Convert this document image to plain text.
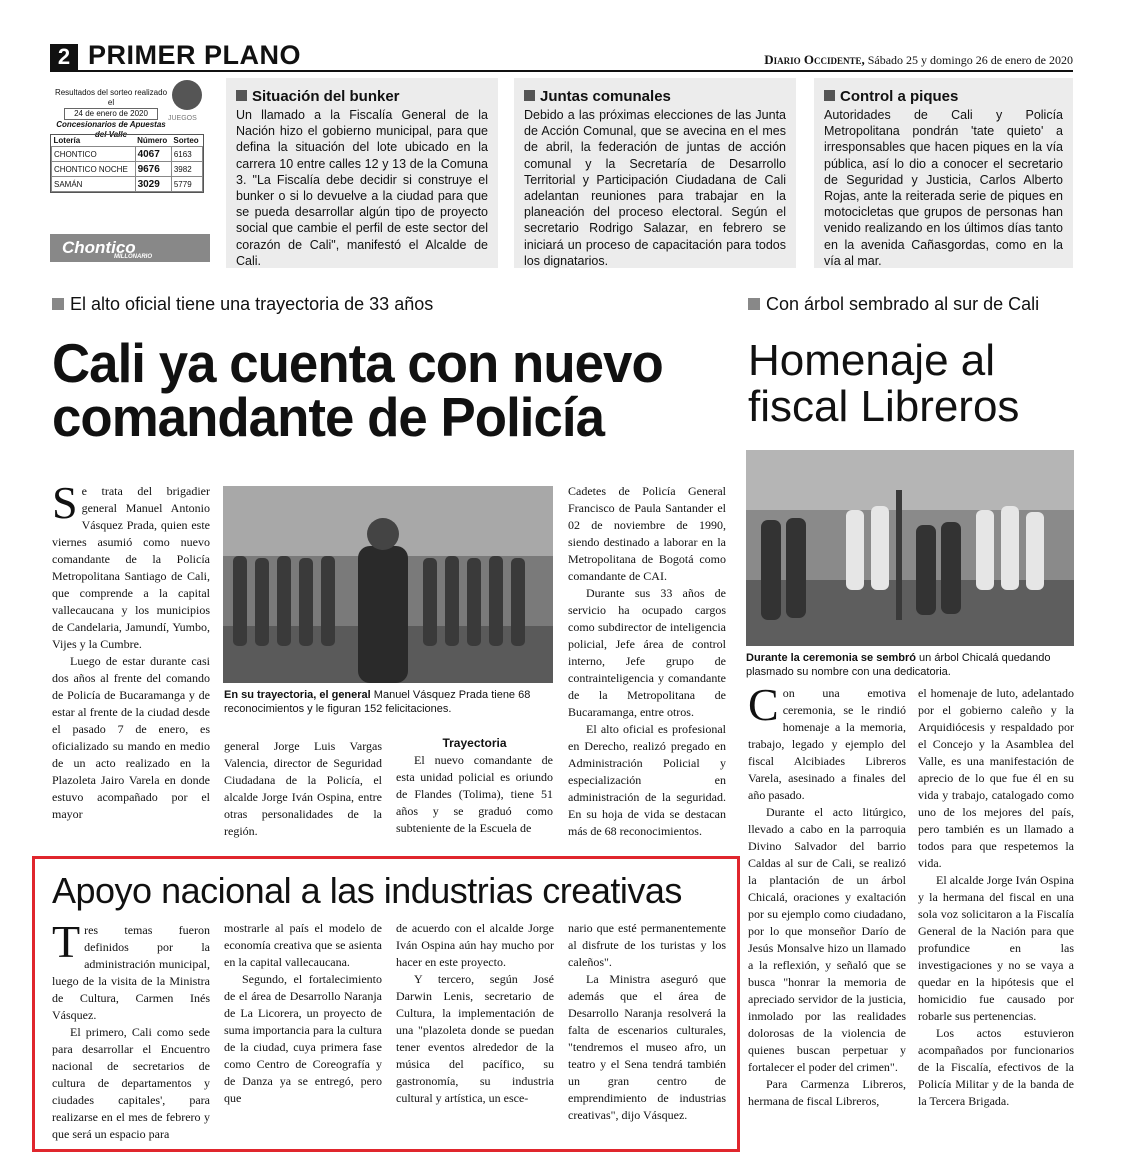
2 PRIMER PLANO	Diario Occidente, Sábado 25 y domingo 26 de enero de 2020
Resultados del sorteo realizado el
24 de enero de 2020
Concesionarios de Apuestas del Valle
JUEGOS
Lotería	Número	Sorteo
CHONTICO	4067	6163
CHONTICO NOCHE	9676	3982
SAMÁN	3029	5779
Chontico
MILLONARIO
Situación del bunker

Un llamado a la Fiscalía General de la Nación hizo el gobierno municipal, para que defina la situación del lote ubicado en la carrera 10 entre calles 12 y 13 de la Comuna 3. "La Fiscalía debe decidir si construye el bunker o si lo devuelve a la ciudad para que se pueda desarrollar algún tipo de proyecto social que cambie el perfil de este sector del corazón de Cali", manifestó el Alcalde de Cali.

Juntas comunales

Debido a las próximas elecciones de las Junta de Acción Comunal, que se avecina en el mes de abril, la federación de juntas de acción comunal y la Secretaría de Desarrollo Territorial y Participación Ciudadana de Cali adelantan reuniones para trabajar en la planeación del proceso electoral. Según el secretario Rodrigo Salazar, en febrero se iniciará un proceso de capacitación para todos los dignatarios.

Control a piques

Autoridades de Cali y Policía Metropolitana pondrán 'tate quieto' a irresponsables que hacen piques en la vía pública, así lo dio a conocer el secretario de Seguridad y Justicia, Carlos Alberto Rojas, ante la reiterada serie de piques en motocicletas que grupos de personas han venido realizando en los últimos días tanto en la avenida Cañasgordas, como en la vía al mar.

El alto oficial tiene una trayectoria de 33 años
Cali ya cuenta con nuevo comandante de Policía

Se trata del brigadier general Manuel Antonio Vásquez Prada, quien este viernes asumió como nuevo comandante de la Policía Metropolitana Santiago de Cali, que comprende a la capital vallecaucana y los municipios de Candelaria, Jamundí, Yumbo, Vijes y la Cumbre.

Luego de estar durante casi dos años al frente del comando de Policía de Bucaramanga y de estar al frente de la ciudad desde el pasado 7 de enero, es oficializado su mando en medio de un acto realizado en la Plazoleta Jairo Varela en donde estuvo acompañado por el mayor

En su trayectoria, el general Manuel Vásquez Prada tiene 68 reconocimientos y le figuran 152 felicitaciones.

general Jorge Luis Vargas Valencia, director de Seguridad Ciudadana de la Policía, el alcalde Jorge Iván Ospina, entre otras personalidades de la región.

Trayectoria

El nuevo comandante de esta unidad policial es oriundo de Flandes (Tolima), tiene 51 años y se graduó como subteniente de la Escuela de

Cadetes de Policía General Francisco de Paula Santander el 02 de noviembre de 1990, siendo destinado a laborar en la Metropolitana de Bogotá como comandante de CAI.

Durante sus 33 años de servicio ha ocupado cargos como subdirector de inteligencia policial, Jefe área de control interno, Jefe grupo de contrainteligencia y comandante de la Metropolitana de Bucaramanga, entre otros.

El alto oficial es profesional en Derecho, realizó pregado en Administración Policial y especialización en administración de la seguridad. En su hoja de vida se destacan más de 68 reconocimientos.

Con árbol sembrado al sur de Cali
Homenaje al fiscal Libreros
Durante la ceremonia se sembró un árbol Chicalá quedando plasmado su nombre con una dedicatoria.

Con una emotiva ceremonia, se le rindió homenaje a la memoria, trabajo, legado y ejemplo del fiscal Alcibiades Libreros Varela, asesinado a finales del año pasado.

Durante el acto litúrgico, llevado a cabo en la parroquia Divino Salvador del barrio Caldas al sur de Cali, se realizó la plantación de un árbol Chicalá, oraciones y exaltación por su ejemplo como ciudadano, por lo que monseñor Darío de Jesús Monsalve hizo un llamado a la reflexión, y señaló que se busca "honrar la memoria de apreciado servidor de la justicia, inmolado por las realidades dolorosas de la violencia de quienes buscan perpetuar y fortalecer el poder del crimen".

Para Carmenza Libreros, hermana de fiscal Libreros,

el homenaje de luto, adelantado por el gobierno caleño y la Arquidiócesis y respaldado por el Concejo y la Asamblea del Valle, es una manifestación de aprecio de lo que fue él en su vida y trabajo, catalogado como uno de los mejores del país, pero también es un llamado a todos para que respetemos la vida.

El alcalde Jorge Iván Ospina y la hermana del fiscal en una sola voz solicitaron a la Fiscalía General de la Nación para que profundice en las investigaciones y no se vaya a quedar en la hipótesis que el homicidio fue causado por robarle sus pertenencias.

Los actos estuvieron acompañados por funcionarios de la Fiscalía, efectivos de la Policía Militar y de la banda de la Tercera Brigada.

Apoyo nacional a las industrias creativas

Tres temas fueron definidos por la administración municipal, luego de la visita de la Ministra de Cultura, Carmen Inés Vásquez.

El primero, Cali como sede para desarrollar el Encuentro nacional de secretarios de cultura de departamentos y ciudades capitales', para realizarse en el mes de febrero y que será un espacio para

mostrarle al país el modelo de economía creativa que se asienta en la capital vallecaucana.

Segundo, el fortalecimiento de el área de Desarrollo Naranja de La Licorera, un proyecto de suma importancia para la cultura de la ciudad, cuya primera fase como Centro de Coreografía y de Danza ya se entregó, pero que

de acuerdo con el alcalde Jorge Iván Ospina aún hay mucho por hacer en este proyecto.

Y tercero, según José Darwin Lenis, secretario de Cultura, la implementación de una "plazoleta donde se puedan tener eventos alrededor de la música del pacífico, su gastronomía, su industria cultural y artística, un esce-

nario que esté permanentemente al disfrute de los turistas y los caleños".

La Ministra aseguró que además que el área de Desarrollo Naranja resolverá la falta de escenarios culturales, "tendremos el museo afro, un teatro y el Sena tendrá también un gran centro de emprendimiento de industrias creativas", dijo Vásquez.
